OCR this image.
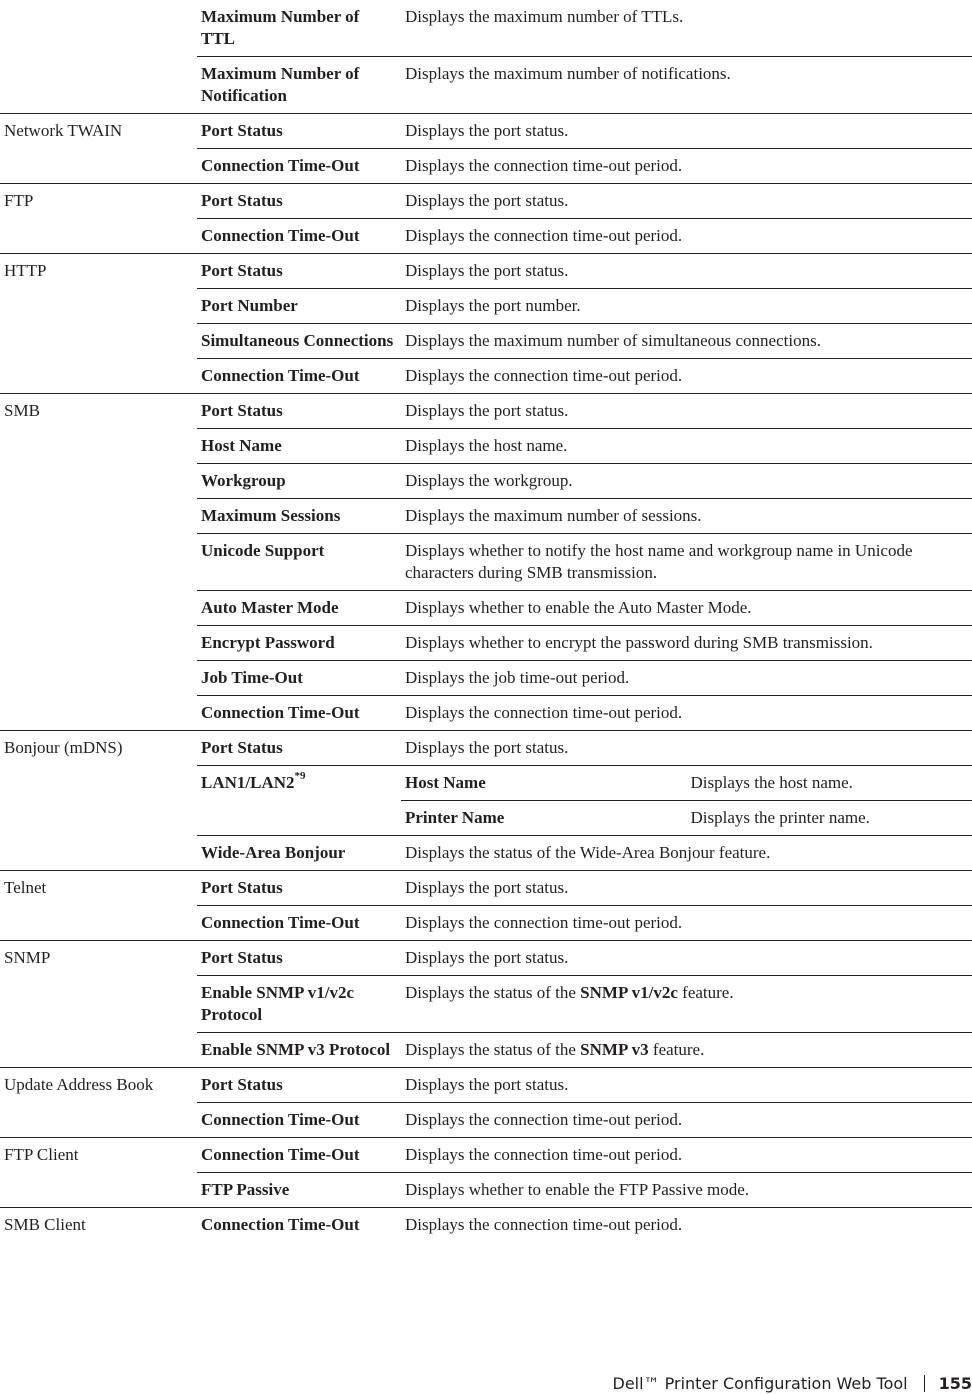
	Maximum Number of TTL	Displays the maximum number of TTLs.	
	Maximum Number of Notification	Displays the maximum number of notifications.	
Network TWAIN	Port Status	Displays the port status.	
	Connection Time-Out	Displays the connection time-out period.	
FTP	Port Status	Displays the port status.	
	Connection Time-Out	Displays the connection time-out period.	
HTTP	Port Status	Displays the port status.	
	Port Number	Displays the port number.	
	Simultaneous Connections	Displays the maximum number of simultaneous connections.	
	Connection Time-Out	Displays the connection time-out period.	
SMB	Port Status	Displays the port status.	
	Host Name	Displays the host name.	
	Workgroup	Displays the workgroup.	
	Maximum Sessions	Displays the maximum number of sessions.	
	Unicode Support	Displays whether to notify the host name and workgroup name in Unicode characters during SMB transmission.	
	Auto Master Mode	Displays whether to enable the Auto Master Mode.	
	Encrypt Password	Displays whether to encrypt the password during SMB transmission.	
	Job Time-Out	Displays the job time-out period.	
	Connection Time-Out	Displays the connection time-out period.	
Bonjour (mDNS)	Port Status	Displays the port status.	
	LAN1/LAN2$^{*9}$	Host Name	Displays the host name.
		Printer Name	Displays the printer name.
	Wide-Area Bonjour	Displays the status of the Wide-Area Bonjour feature.	
Telnet	Port Status	Displays the port status.	
	Connection Time-Out	Displays the connection time-out period.	
SNMP	Port Status	Displays the port status.	
	Enable SNMP v1/v2c Protocol	Displays the status of the SNMP v1/v2c feature.	
	Enable SNMP v3 Protocol	Displays the status of the SNMP v3 feature.	
Update Address Book	Port Status	Displays the port status.	
	Connection Time-Out	Displays the connection time-out period.	
FTP Client	Connection Time-Out	Displays the connection time-out period.	
	FTP Passive	Displays whether to enable the FTP Passive mode.	
SMB Client	Connection Time-Out	Displays the connection time-out period.	
Dell™ Printer Configuration Web Tool 155
